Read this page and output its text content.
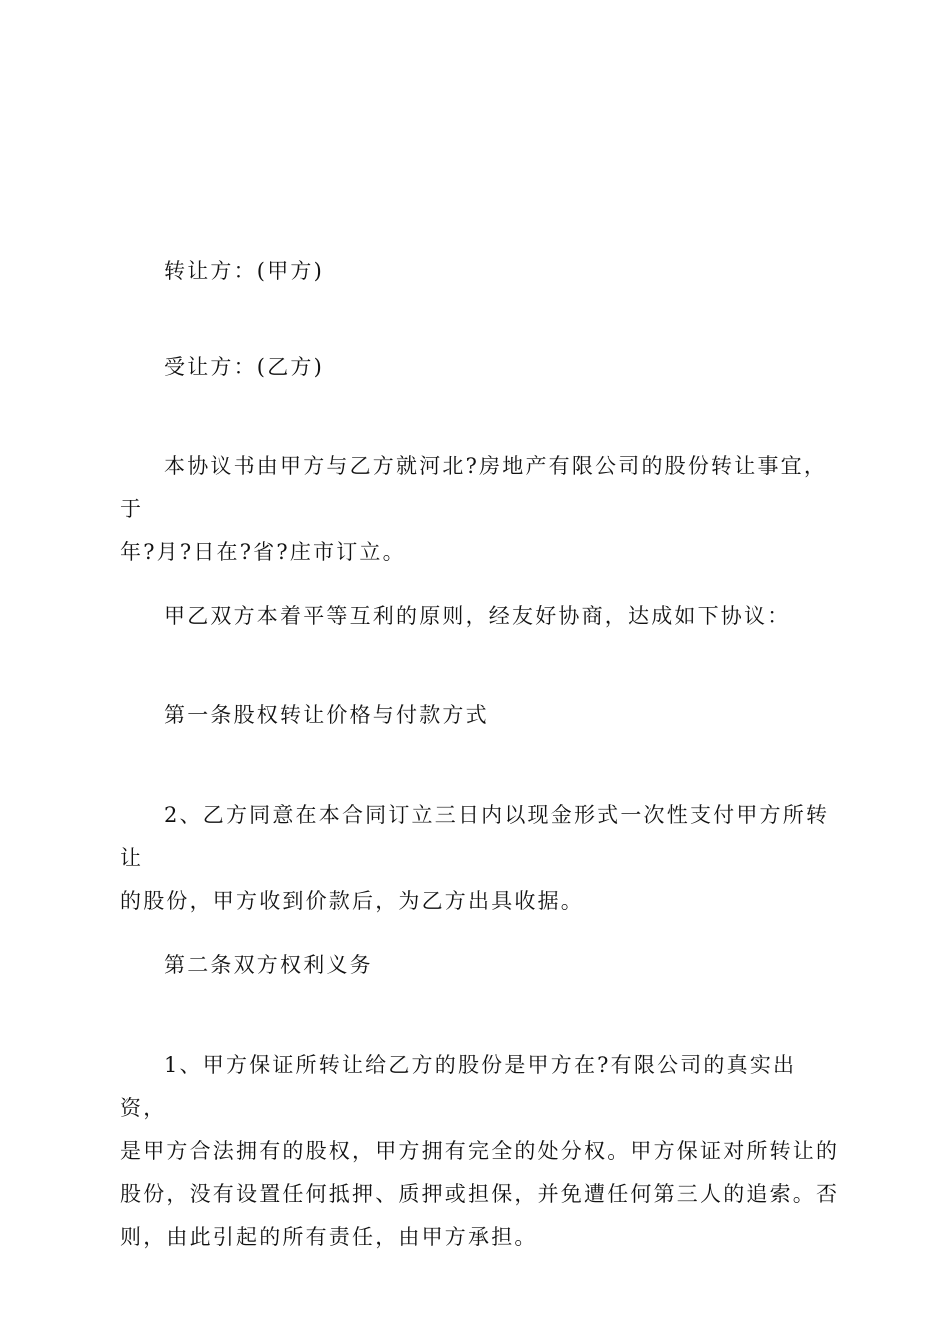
转让方：(甲方)

受让方：(乙方)

本协议书由甲方与乙方就河北?房地产有限公司的股份转让事宜，于
年?月?日在?省?庄市订立。

甲乙双方本着平等互利的原则，经友好协商，达成如下协议：

第一条股权转让价格与付款方式

2、乙方同意在本合同订立三日内以现金形式一次性支付甲方所转让
的股份，甲方收到价款后，为乙方出具收据。

第二条双方权利义务

1、甲方保证所转让给乙方的股份是甲方在?有限公司的真实出资，
是甲方合法拥有的股权，甲方拥有完全的处分权。甲方保证对所转让的
股份，没有设置任何抵押、质押或担保，并免遭任何第三人的追索。否
则，由此引起的所有责任，由甲方承担。
